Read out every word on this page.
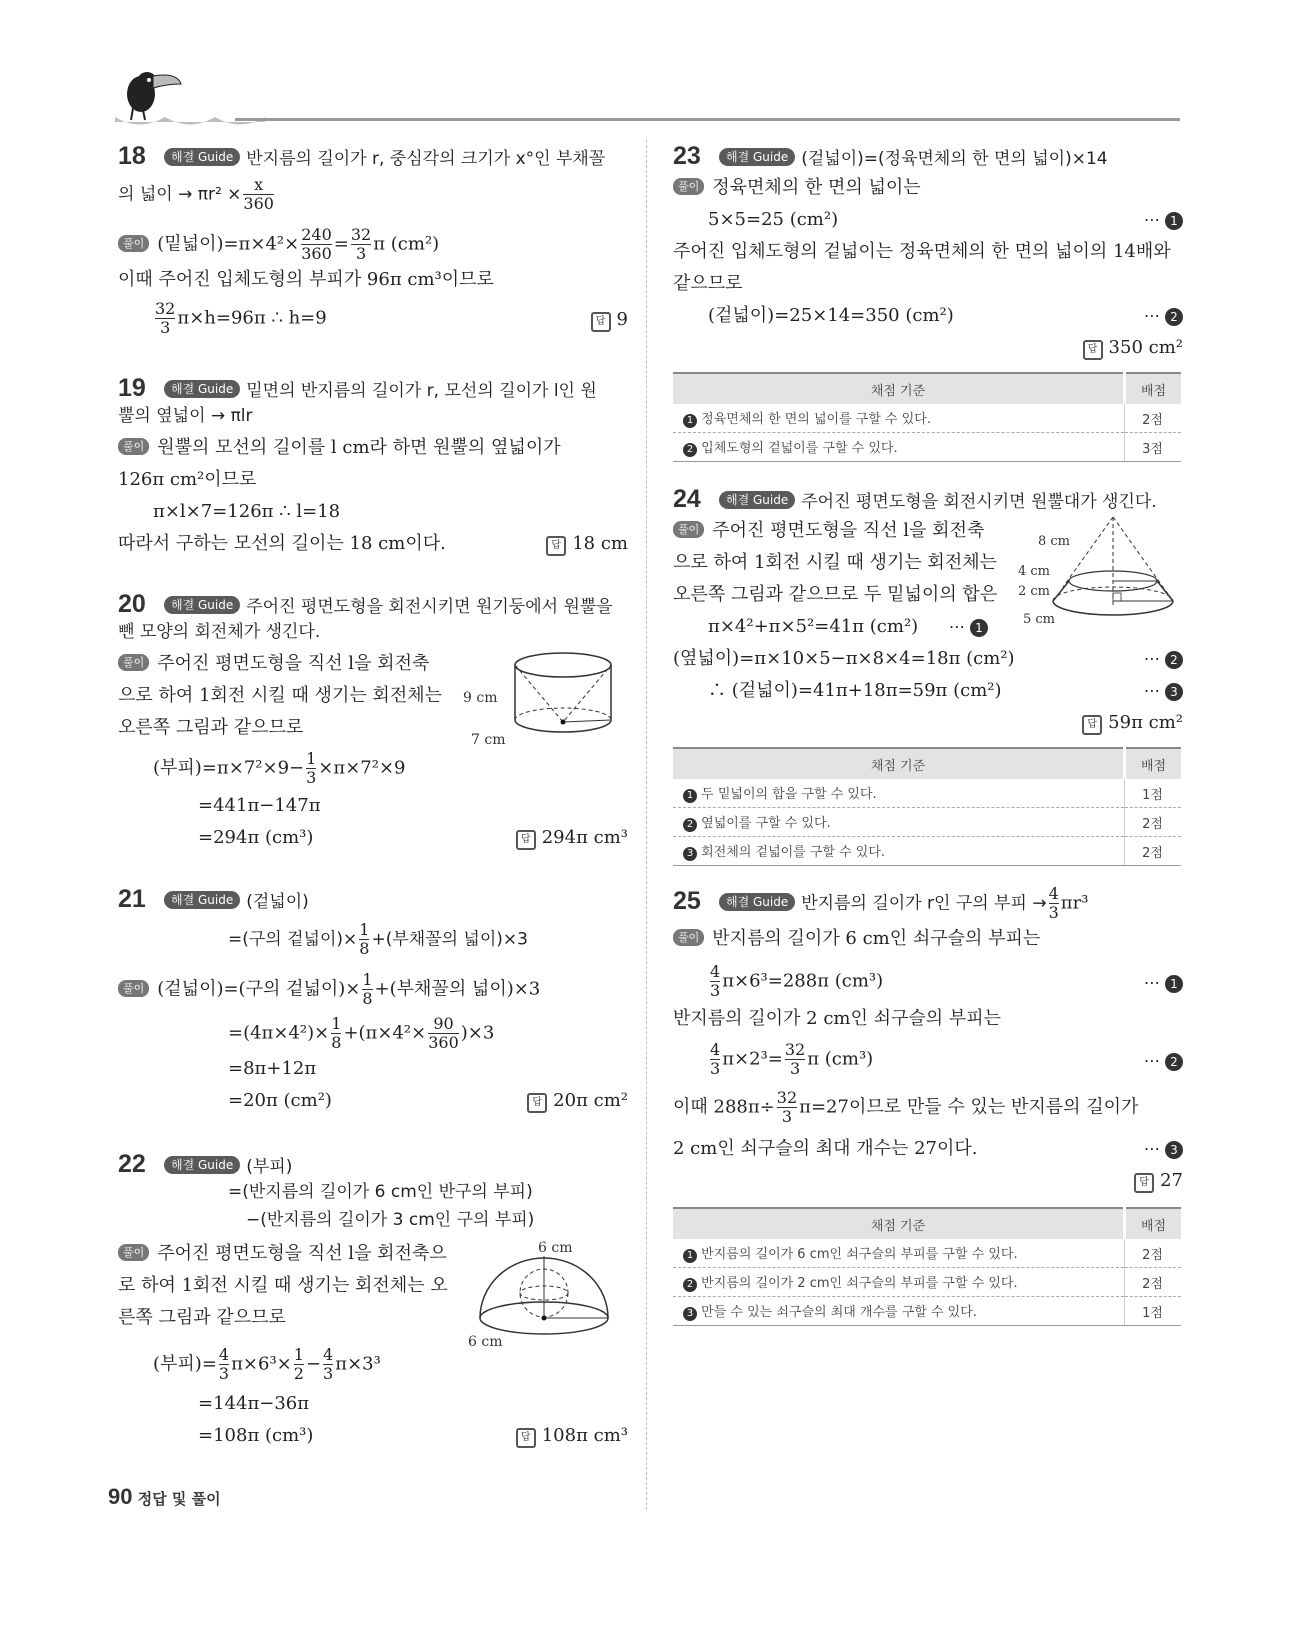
18 해결 Guide 반지름의 길이가 r, 중심각의 크기가 x°인 부채꼴
의 넓이 → $\pi r^2 \times \frac{x}{360}$
풀이 (밑넓이)$=\pi\times 4^2\times \frac{240}{360} = \frac{32}{3}$ π (cm²)
이때 주어진 입체도형의 부피가 96π cm³이므로
$\frac{32}{3} \pi\times h=96\pi$ ∴ h=9	답 9
19 해결 Guide 밑면의 반지름의 길이가 r, 모선의 길이가 l인 원
뿔의 옆넓이 → πlr
풀이 원뿔의 모선의 길이를 l cm라 하면 원뿔의 옆넓이가
126π cm²이므로
π×l×7=126π ∴ l=18
따라서 구하는 모선의 길이는 18 cm이다.	답 18 cm
20 해결 Guide 주어진 평면도형을 회전시키면 원기둥에서 원뿔을
뺀 모양의 회전체가 생긴다.
풀이 주어진 평면도형을 직선 l을 회전축
으로 하여 1회전 시킬 때 생기는 회전체는
오른쪽 그림과 같으므로
(부피)$=\pi\times 7^2\times 9- \frac{1}{3} \times\pi\times 7^2\times 9$
=441π−147π
=294π (cm³)	답 294π cm³
9 cm
7 cm
21 해결 Guide (겉넓이)
=(구의 겉넓이)× $\frac{1}{8}$ +(부채꼴의 넓이)×3
풀이 (겉넓이)=(구의 겉넓이)× $\frac{1}{8}$ +(부채꼴의 넓이)×3
$=(4\pi\times 4^2)\times \frac{1}{8} +(\pi\times 4^2\times \frac{90}{360} )\times 3$
=8π+12π
=20π (cm²)	답 20π cm²
22 해결 Guide (부피)
=(반지름의 길이가 6 cm인 반구의 부피)
−(반지름의 길이가 3 cm인 구의 부피)
풀이 주어진 평면도형을 직선 l을 회전축으
로 하여 1회전 시킬 때 생기는 회전체는 오
른쪽 그림과 같으므로
(부피)= $\frac{4}{3} \pi\times 6^3\times \frac{1}{2} - \frac{4}{3} \pi\times 3^3$
=144π−36π
=108π (cm³)	답 108π cm³
6 cm
6 cm
23 해결 Guide (겉넓이)=(정육면체의 한 면의 넓이)×14
풀이 정육면체의 한 면의 넓이는
5×5=25 (cm²)	⋯ 1
주어진 입체도형의 겉넓이는 정육면체의 한 면의 넓이의 14배와
같으므로
(겉넓이)=25×14=350 (cm²)	⋯ 2
답 350 cm²
채점 기준	배점
1 정육면체의 한 면의 넓이를 구할 수 있다.	2점
2 입체도형의 겉넓이를 구할 수 있다.	3점
24 해결 Guide 주어진 평면도형을 회전시키면 원뿔대가 생긴다.
풀이 주어진 평면도형을 직선 l을 회전축
으로 하여 1회전 시킬 때 생기는 회전체는
오른쪽 그림과 같으므로 두 밑넓이의 합은
π×4²+π×5²=41π (cm²) ⋯ 1
(옆넓이)=π×10×5−π×8×4=18π (cm²)	⋯ 2
∴ (겉넓이)=41π+18π=59π (cm²)	⋯ 3
답 59π cm²
8 cm
4 cm
2 cm
5 cm
채점 기준	배점
1 두 밑넓이의 합을 구할 수 있다.	1점
2 옆넓이를 구할 수 있다.	2점
3 회전체의 겉넓이를 구할 수 있다.	2점
25 해결 Guide 반지름의 길이가 r인 구의 부피 → $\frac{4}{3} \pi r^3$
풀이 반지름의 길이가 6 cm인 쇠구슬의 부피는
$\frac{4}{3} \pi\times 6^3=288\pi$ (cm³)	⋯ 1
반지름의 길이가 2 cm인 쇠구슬의 부피는
$\frac{4}{3} \pi\times 2^3= \frac{32}{3}$ π (cm³)	⋯ 2
이때 $288\pi\div \frac{32}{3} \pi=27$이므로 만들 수 있는 반지름의 길이가
2 cm인 쇠구슬의 최대 개수는 27이다.	⋯ 3
답 27
채점 기준	배점
1 반지름의 길이가 6 cm인 쇠구슬의 부피를 구할 수 있다.	2점
2 반지름의 길이가 2 cm인 쇠구슬의 부피를 구할 수 있다.	2점
3 만들 수 있는 쇠구슬의 최대 개수를 구할 수 있다.	1점
90 정답 및 풀이
